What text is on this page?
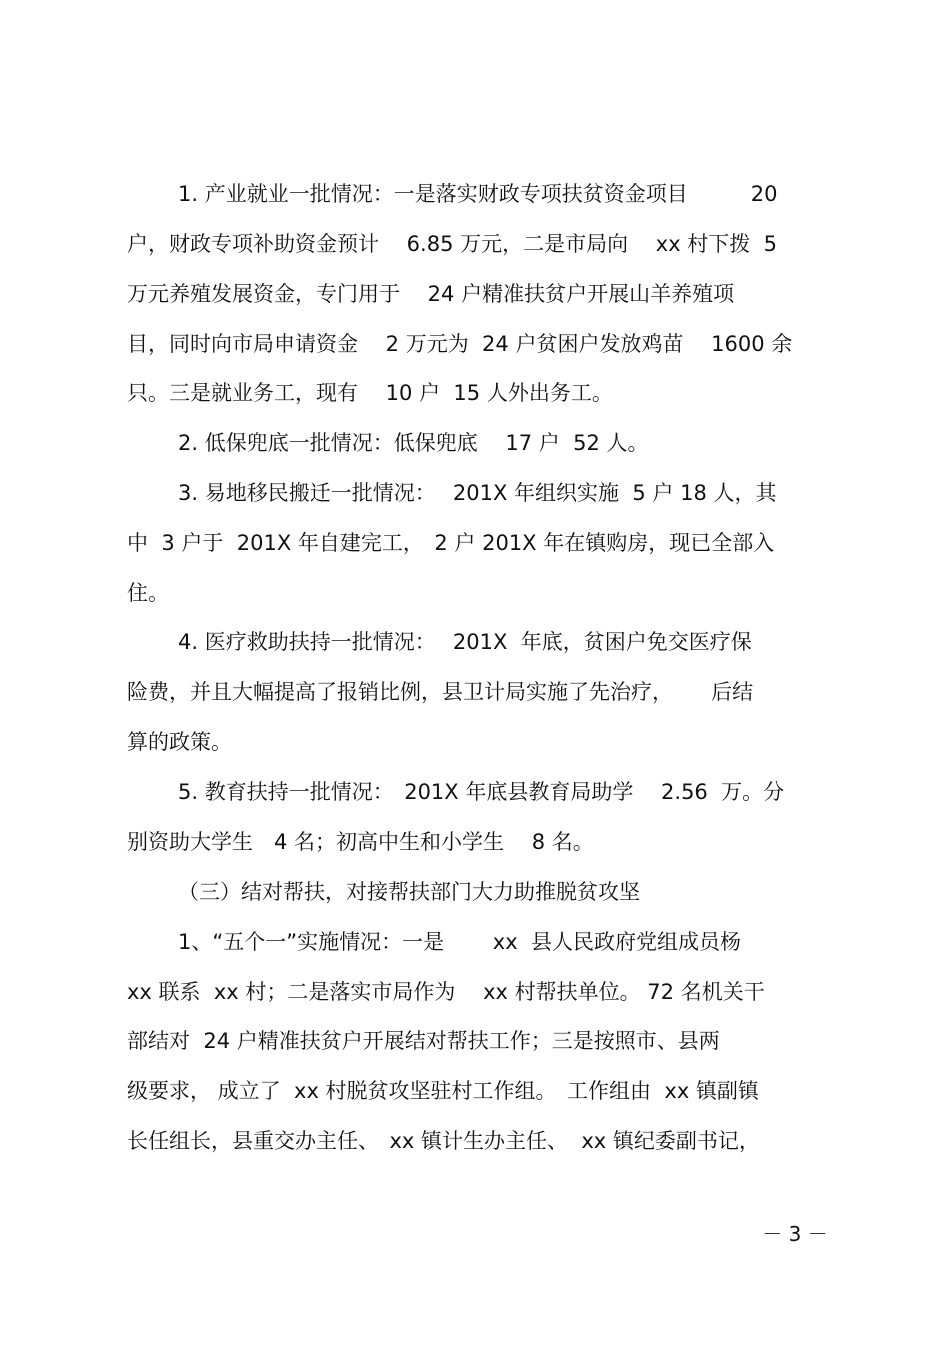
1. 产业就业一批情况：一是落实财政专项扶贫资金项目　　　20

户，财政专项补助资金预计　 6.85 万元，二是市局向　 xx 村下拨  5

万元养殖发展资金，专门用于　 24 户精准扶贫户开展山羊养殖项

目，同时向市局申请资金　 2 万元为  24 户贫困户发放鸡苗　 1600 余

只。三是就业务工，现有　 10 户  15 人外出务工。

2. 低保兜底一批情况：低保兜底　 17 户  52 人。

3. 易地移民搬迁一批情况：　 201X 年组织实施  5 户 18 人，其

中  3 户于  201X 年自建完工，　2 户 201X 年在镇购房，现已全部入

住。

4. 医疗救助扶持一批情况：　 201X  年底，贫困户免交医疗保

险费，并且大幅提高了报销比例，县卫计局实施了先治疗，　　 后结

算的政策。

5. 教育扶持一批情况：　201X 年底县教育局助学　 2.56  万。分

别资助大学生　4 名；初高中生和小学生　 8 名。

（三）结对帮扶，对接帮扶部门大力助推脱贫攻坚

1、“五个一”实施情况：一是　　 xx  县人民政府党组成员杨

xx 联系  xx 村；二是落实市局作为　 xx 村帮扶单位。 72 名机关干

部结对  24 户精准扶贫户开展结对帮扶工作；三是按照市、县两

级要求， 成立了  xx 村脱贫攻坚驻村工作组。　工作组由  xx 镇副镇

长任组长，县重交办主任、　xx 镇计生办主任、  xx 镇纪委副书记，

－ 3 －
